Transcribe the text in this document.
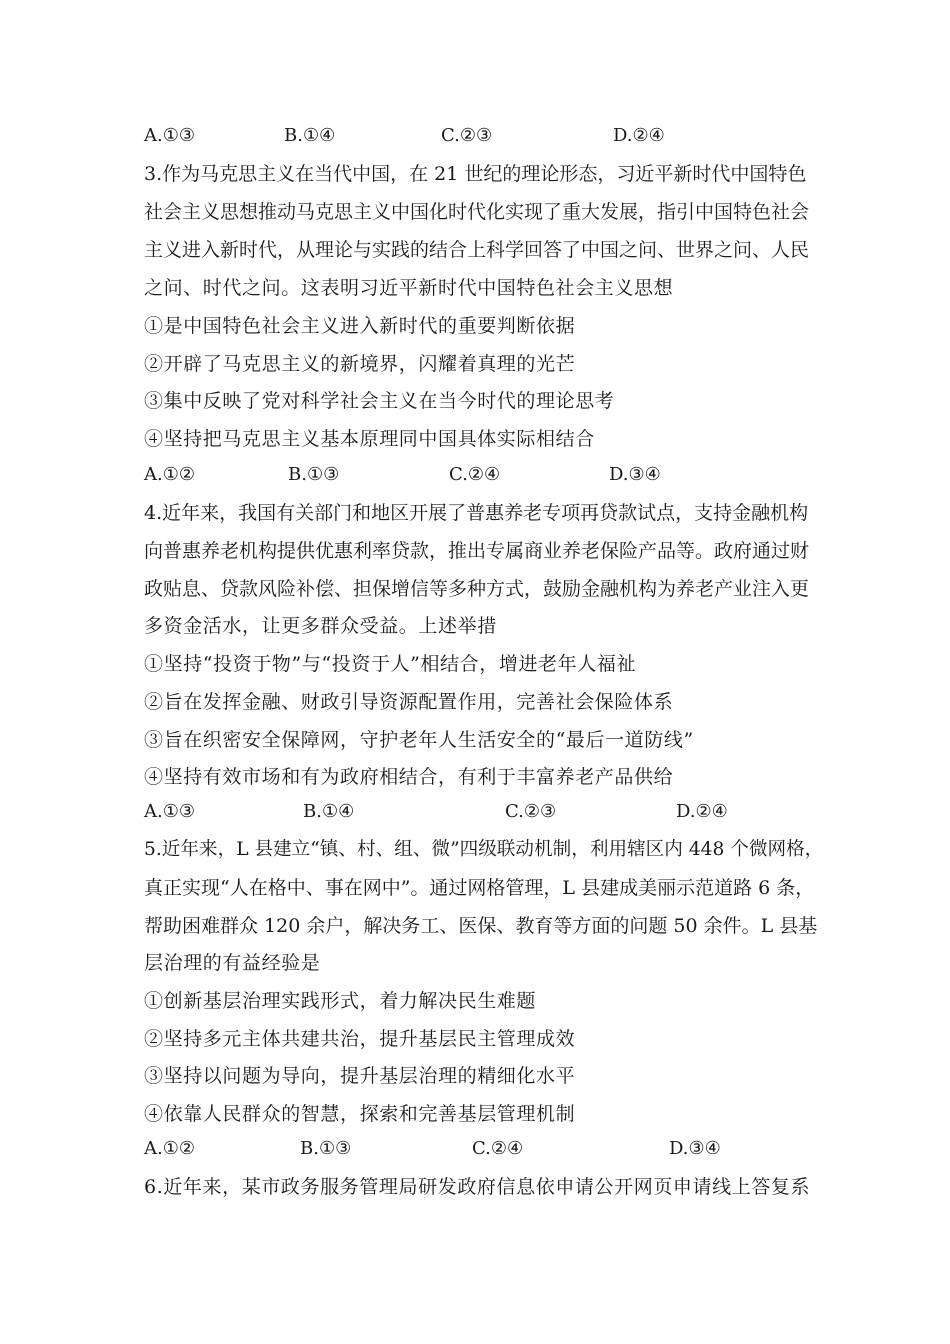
A.①③	B.①④	C.②③	D.②④
3.作为马克思主义在当代中国，在 21 世纪的理论形态，习近平新时代中国特色
社会主义思想推动马克思主义中国化时代化实现了重大发展，指引中国特色社会
主义进入新时代，从理论与实践的结合上科学回答了中国之问、世界之问、人民
之问、时代之问。这表明习近平新时代中国特色社会主义思想
①是中国特色社会主义进入新时代的重要判断依据
②开辟了马克思主义的新境界，闪耀着真理的光芒
③集中反映了党对科学社会主义在当今时代的理论思考
④坚持把马克思主义基本原理同中国具体实际相结合
A.①②	B.①③	C.②④	D.③④
4.近年来，我国有关部门和地区开展了普惠养老专项再贷款试点，支持金融机构
向普惠养老机构提供优惠利率贷款，推出专属商业养老保险产品等。政府通过财
政贴息、贷款风险补偿、担保增信等多种方式，鼓励金融机构为养老产业注入更
多资金活水，让更多群众受益。上述举措
①坚持“投资于物”与“投资于人”相结合，增进老年人福祉
②旨在发挥金融、财政引导资源配置作用，完善社会保险体系
③旨在织密安全保障网，守护老年人生活安全的“最后一道防线”
④坚持有效市场和有为政府相结合，有利于丰富养老产品供给
A.①③	B.①④	C.②③	D.②④
5.近年来，L 县建立“镇、村、组、微”四级联动机制，利用辖区内 448 个微网格，
真正实现“人在格中、事在网中”。通过网格管理，L 县建成美丽示范道路 6 条，
帮助困难群众 120 余户，解决务工、医保、教育等方面的问题 50 余件。L 县基
层治理的有益经验是
①创新基层治理实践形式，着力解决民生难题
②坚持多元主体共建共治，提升基层民主管理成效
③坚持以问题为导向，提升基层治理的精细化水平
④依靠人民群众的智慧，探索和完善基层管理机制
A.①②	B.①③	C.②④	D.③④
6.近年来，某市政务服务管理局研发政府信息依申请公开网页申请线上答复系
